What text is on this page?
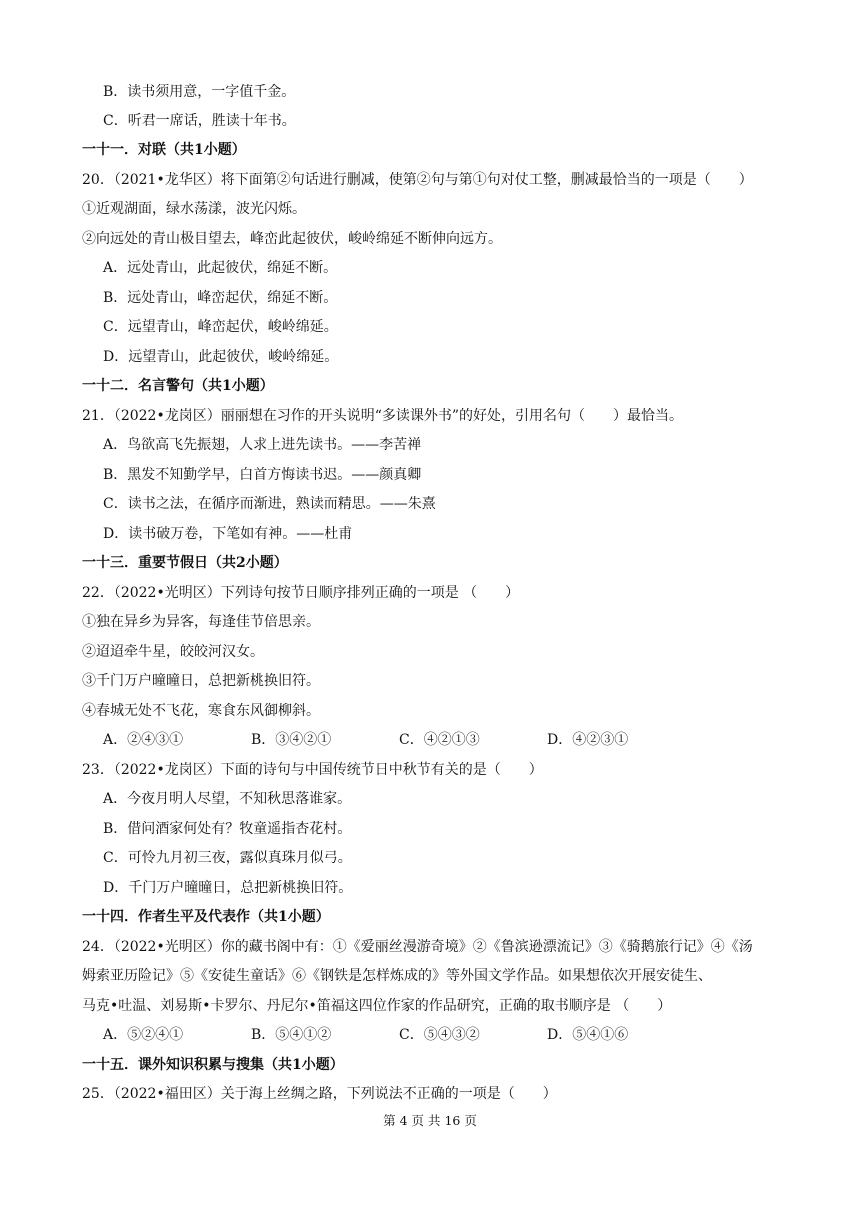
B．读书须用意，一字值千金。
C．听君一席话，胜读十年书。
一十一．对联（共1小题）
20．（2021•龙华区）将下面第②句话进行删减，使第②句与第①句对仗工整，删减最恰当的一项是（　　）
①近观湖面，绿水荡漾，波光闪烁。
②向远处的青山极目望去，峰峦此起彼伏，峻岭绵延不断伸向远方。
A．远处青山，此起彼伏，绵延不断。
B．远处青山，峰峦起伏，绵延不断。
C．远望青山，峰峦起伏，峻岭绵延。
D．远望青山，此起彼伏，峻岭绵延。
一十二．名言警句（共1小题）
21．（2022•龙岗区）丽丽想在习作的开头说明“多读课外书”的好处，引用名句（　　）最恰当。
A．鸟欲高飞先振翅，人求上进先读书。——李苦禅
B．黑发不知勤学早，白首方悔读书迟。——颜真卿
C．读书之法，在循序而渐进，熟读而精思。——朱熹
D．读书破万卷，下笔如有神。——杜甫
一十三．重要节假日（共2小题）
22．（2022•光明区）下列诗句按节日顺序排列正确的一项是 （　　）
①独在异乡为异客，每逢佳节倍思亲。
②迢迢牵牛星，皎皎河汉女。
③千门万户曈曈日，总把新桃换旧符。
④春城无处不飞花，寒食东风御柳斜。
A．②④③①	B．③④②①	C．④②①③	D．④②③①
23．（2022•龙岗区）下面的诗句与中国传统节日中秋节有关的是（　　）
A．今夜月明人尽望，不知秋思落谁家。
B．借问酒家何处有？牧童遥指杏花村。
C．可怜九月初三夜，露似真珠月似弓。
D．千门万户曈曈日，总把新桃换旧符。
一十四．作者生平及代表作（共1小题）
24．（2022•光明区）你的藏书阁中有：①《爱丽丝漫游奇境》②《鲁滨逊漂流记》③《骑鹅旅行记》④《汤
姆索亚历险记》⑤《安徒生童话》⑥《钢铁是怎样炼成的》等外国文学作品。如果想依次开展安徒生、
马克•吐温、刘易斯•卡罗尔、丹尼尔•笛福这四位作家的作品研究，正确的取书顺序是 （　　）
A．⑤②④①	B．⑤④①②	C．⑤④③②	D．⑤④①⑥
一十五．课外知识积累与搜集（共1小题）
25．（2022•福田区）关于海上丝绸之路，下列说法不正确的一项是（　　）
第 4 页 共 16 页
